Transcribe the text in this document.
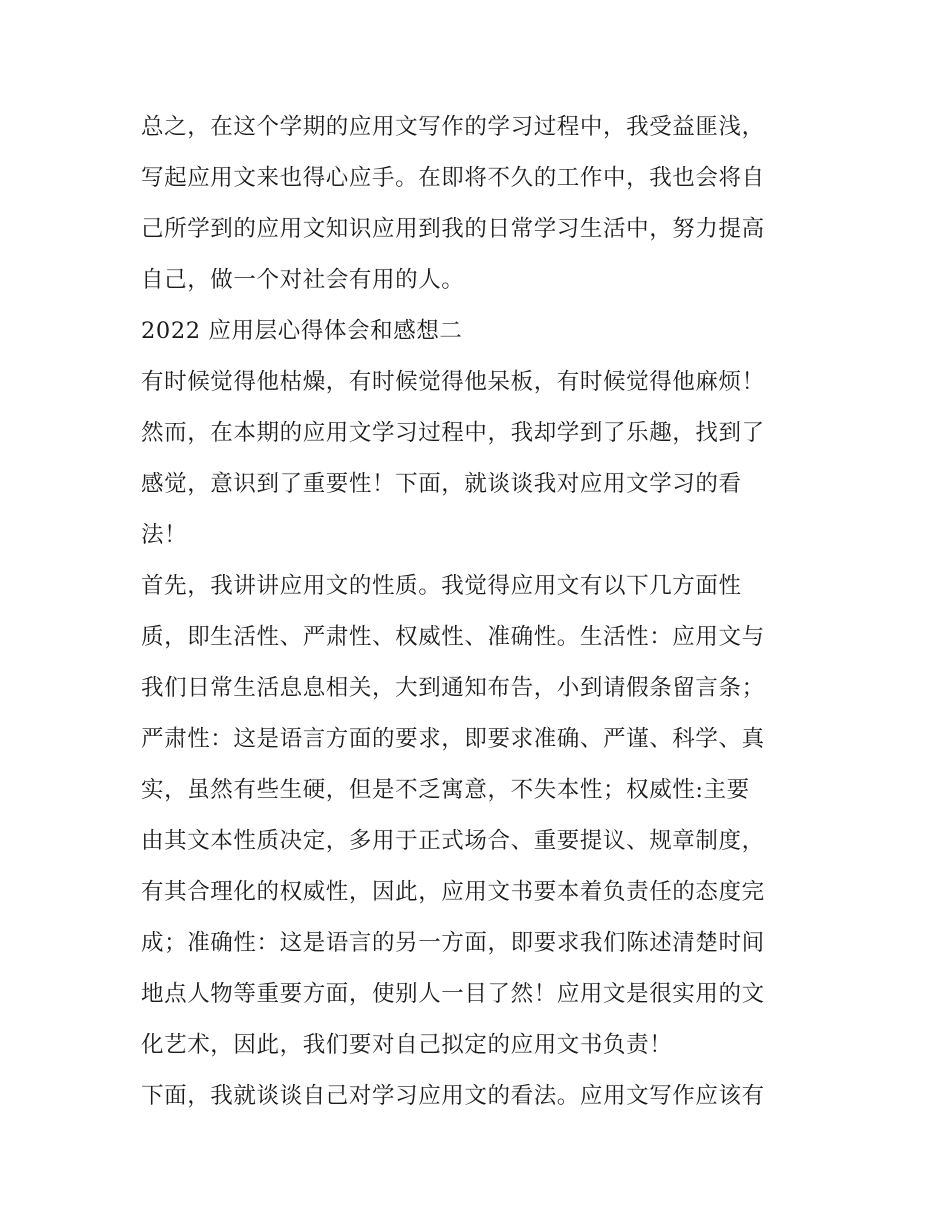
总之，在这个学期的应用文写作的学习过程中，我受益匪浅，
写起应用文来也得心应手。在即将不久的工作中，我也会将自
己所学到的应用文知识应用到我的日常学习生活中，努力提高
自己，做一个对社会有用的人。
2022 应用层心得体会和感想二
有时候觉得他枯燥，有时候觉得他呆板，有时候觉得他麻烦！
然而，在本期的应用文学习过程中，我却学到了乐趣，找到了
感觉，意识到了重要性！下面，就谈谈我对应用文学习的看
法！
首先，我讲讲应用文的性质。我觉得应用文有以下几方面性
质，即生活性、严肃性、权威性、准确性。生活性：应用文与
我们日常生活息息相关，大到通知布告，小到请假条留言条；
严肃性：这是语言方面的要求，即要求准确、严谨、科学、真
实，虽然有些生硬，但是不乏寓意，不失本性；权威性:主要
由其文本性质决定，多用于正式场合、重要提议、规章制度，
有其合理化的权威性，因此，应用文书要本着负责任的态度完
成；准确性：这是语言的另一方面，即要求我们陈述清楚时间
地点人物等重要方面，使别人一目了然！应用文是很实用的文
化艺术，因此，我们要对自己拟定的应用文书负责！
下面，我就谈谈自己对学习应用文的看法。应用文写作应该有
